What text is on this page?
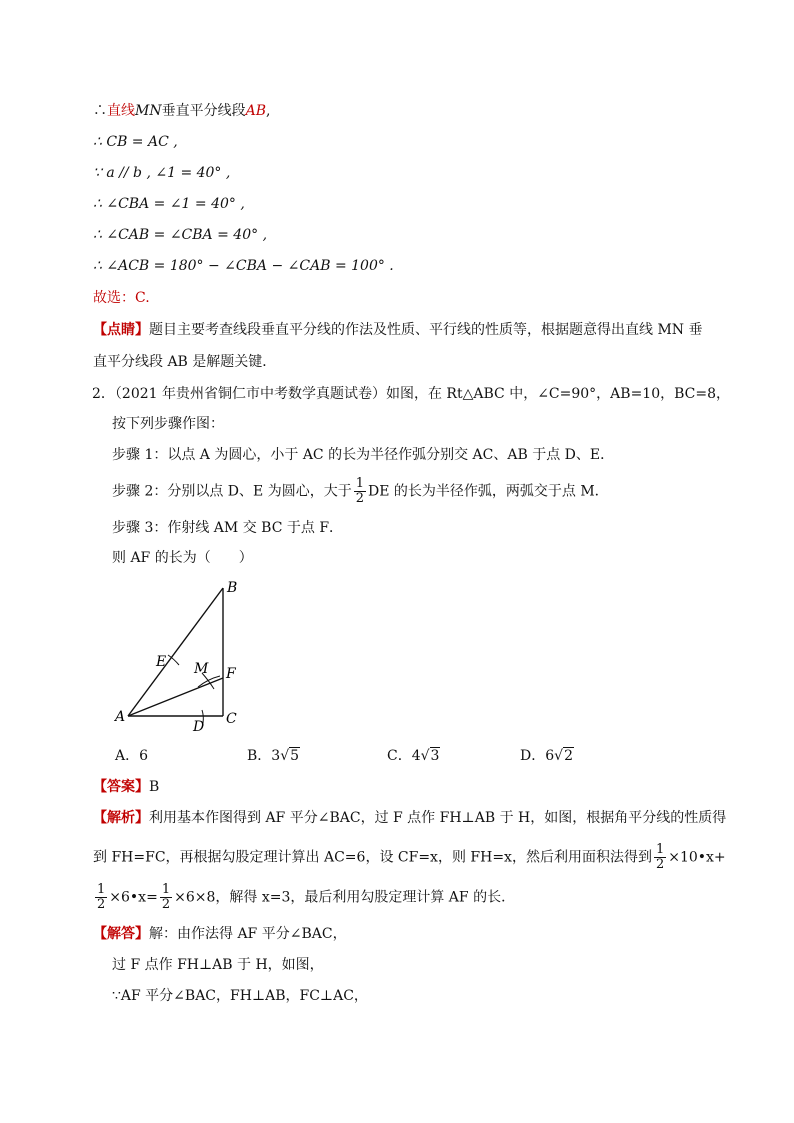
∴直线MN垂直平分线段AB,
∴ CB = AC ,
∵ a // b , ∠1 = 40° ,
∴ ∠CBA = ∠1 = 40° ,
∴ ∠CAB = ∠CBA = 40° ,
∴ ∠ACB = 180° − ∠CBA − ∠CAB = 100° .
故选：C.
【点睛】题目主要考查线段垂直平分线的作法及性质、平行线的性质等，根据题意得出直线 MN 垂
直平分线段 AB 是解题关键．
2．（2021 年贵州省铜仁市中考数学真题试卷）如图，在 Rt△ABC 中，∠C=90°，AB=10，BC=8，
按下列步骤作图：
步骤 1：以点 A 为圆心，小于 AC 的长为半径作弧分别交 AC、AB 于点 D、E．
步骤 2：分别以点 D、E 为圆心，大于 $\frac{1}{2}$ DE 的长为半径作弧，两弧交于点 M．
步骤 3：作射线 AM 交 BC 于点 F．
则 AF 的长为（　　）
B
E M F
A
D C
A．6	B．3√5	C．4√3	D．6√2
【答案】B
【解析】利用基本作图得到 AF 平分∠BAC，过 F 点作 FH⊥AB 于 H，如图，根据角平分线的性质得
到 FH=FC，再根据勾股定理计算出 AC=6，设 CF=x，则 FH=x，然后利用面积法得到 $\frac{1}{2}$ ×10•x+
$\frac{1}{2}$ ×6•x= $\frac{1}{2} \times 6\times 8$，解得 x=3，最后利用勾股定理计算 AF 的长．
【解答】解：由作法得 AF 平分∠BAC，
过 F 点作 FH⊥AB 于 H，如图，
∵AF 平分∠BAC，FH⊥AB，FC⊥AC，
